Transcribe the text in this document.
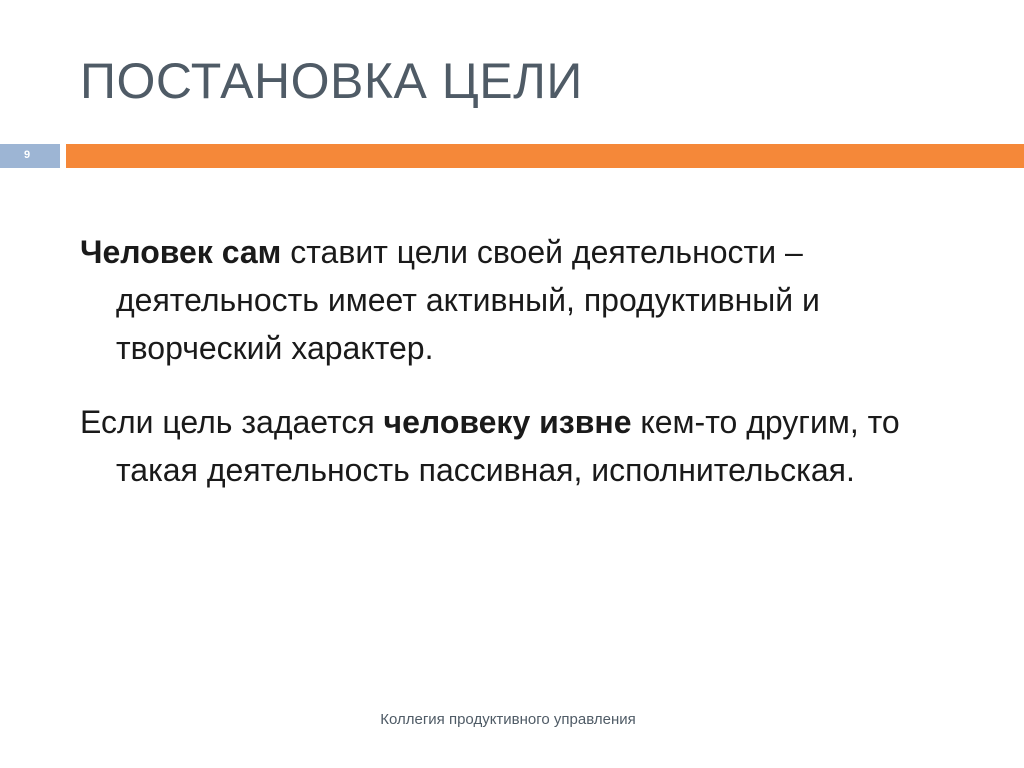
ПОСТАНОВКА ЦЕЛИ
9

Человек сам ставит цели своей деятельности – деятельность имеет активный, продуктивный и творческий характер.

Если цель задается человеку извне кем-то другим, то такая деятельность пассивная, исполнительская.

Коллегия продуктивного управления
